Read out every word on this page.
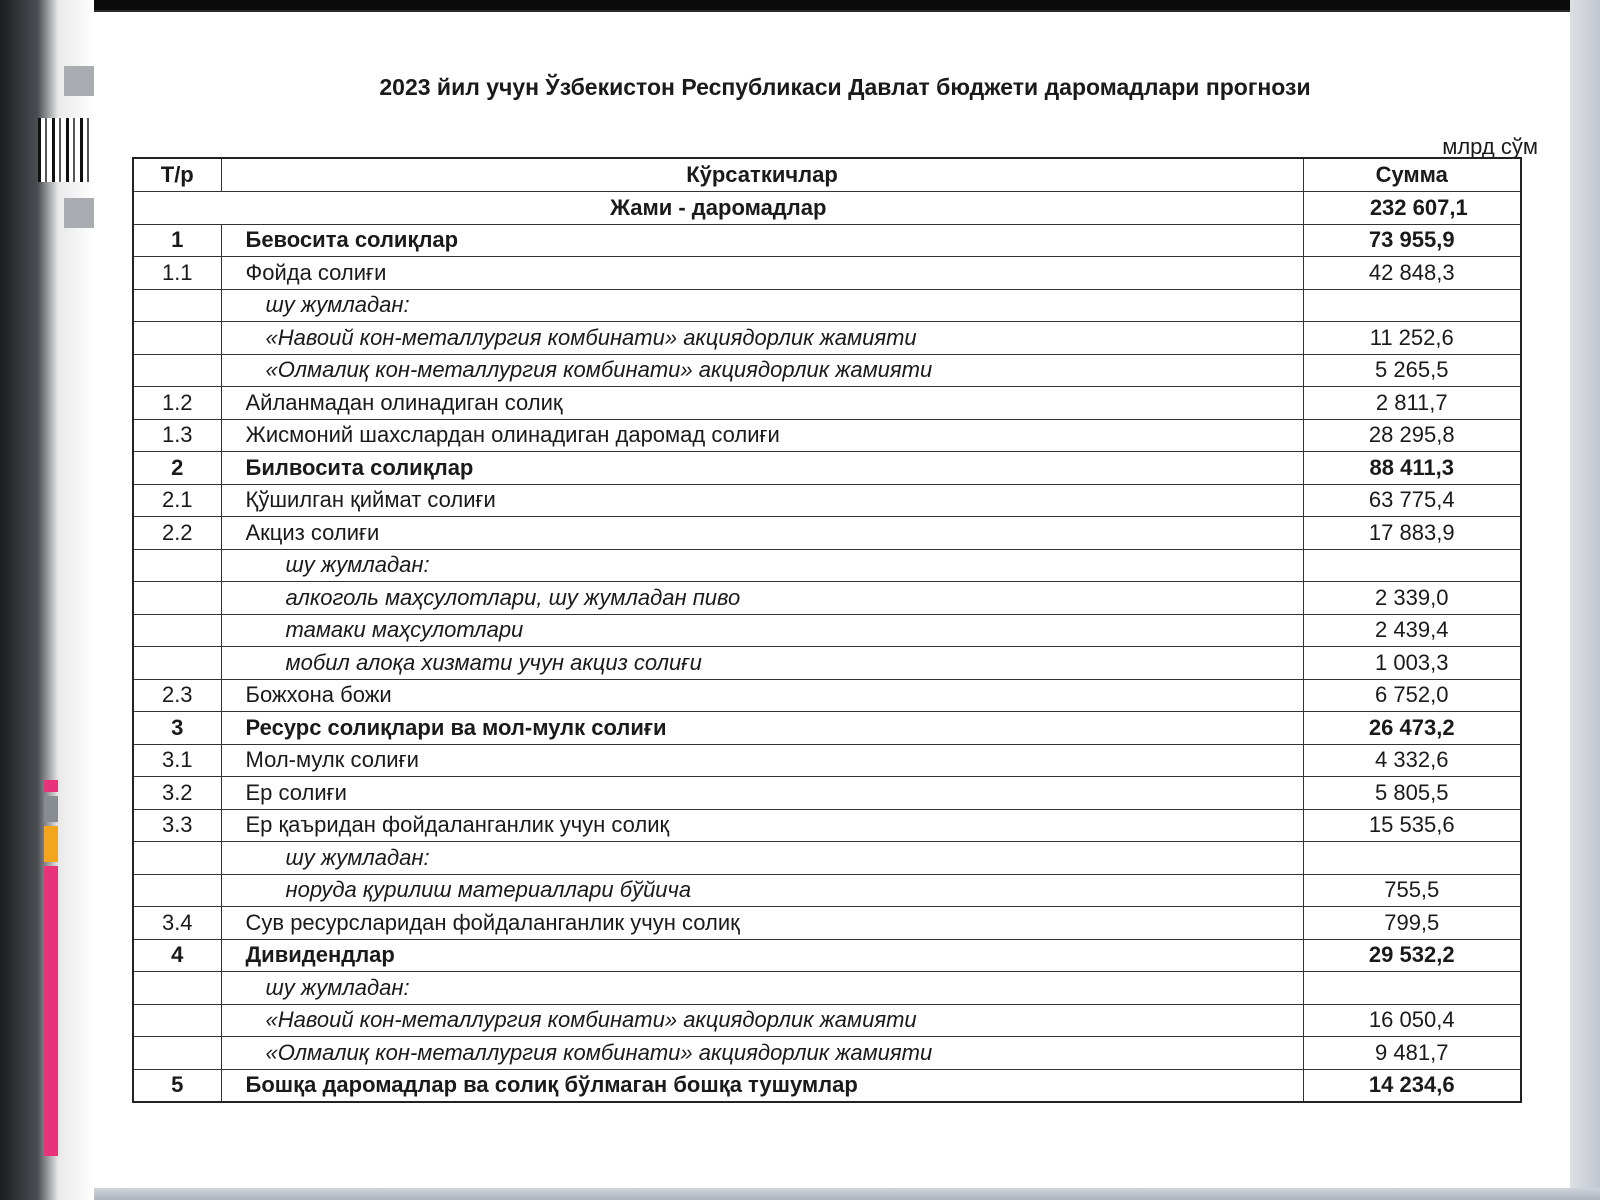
2023 йил учун Ўзбекистон Республикаси Давлат бюджети даромадлари прогнози
млрд сўм
Т/р	Кўрсаткичлар	Сумма
Жами - даромадлар		232 607,1
1	Бевосита солиқлар	73 955,9
1.1	Фойда солиғи	42 848,3
	шу жумладан:	
	«Навоий кон-металлургия комбинати» акциядорлик жамияти	11 252,6
	«Олмалиқ кон-металлургия комбинати» акциядорлик жамияти	5 265,5
1.2	Айланмадан олинадиган солиқ	2 811,7
1.3	Жисмоний шахслардан олинадиган даромад солиғи	28 295,8
2	Билвосита солиқлар	88 411,3
2.1	Қўшилган қиймат солиғи	63 775,4
2.2	Акциз солиғи	17 883,9
	шу жумладан:	
	алкоголь маҳсулотлари, шу жумладан пиво	2 339,0
	тамаки маҳсулотлари	2 439,4
	мобил алоқа хизмати учун акциз солиғи	1 003,3
2.3	Божхона божи	6 752,0
3	Ресурс солиқлари ва мол-мулк солиғи	26 473,2
3.1	Мол-мулк солиғи	4 332,6
3.2	Ер солиғи	5 805,5
3.3	Ер қаъридан фойдаланганлик учун солиқ	15 535,6
	шу жумладан:	
	норуда қурилиш материаллари бўйича	755,5
3.4	Сув ресурсларидан фойдаланганлик учун солиқ	799,5
4	Дивидендлар	29 532,2
	шу жумладан:	
	«Навоий кон-металлургия комбинати» акциядорлик жамияти	16 050,4
	«Олмалиқ кон-металлургия комбинати» акциядорлик жамияти	9 481,7
5	Бошқа даромадлар ва солиқ бўлмаган бошқа тушумлар	14 234,6
